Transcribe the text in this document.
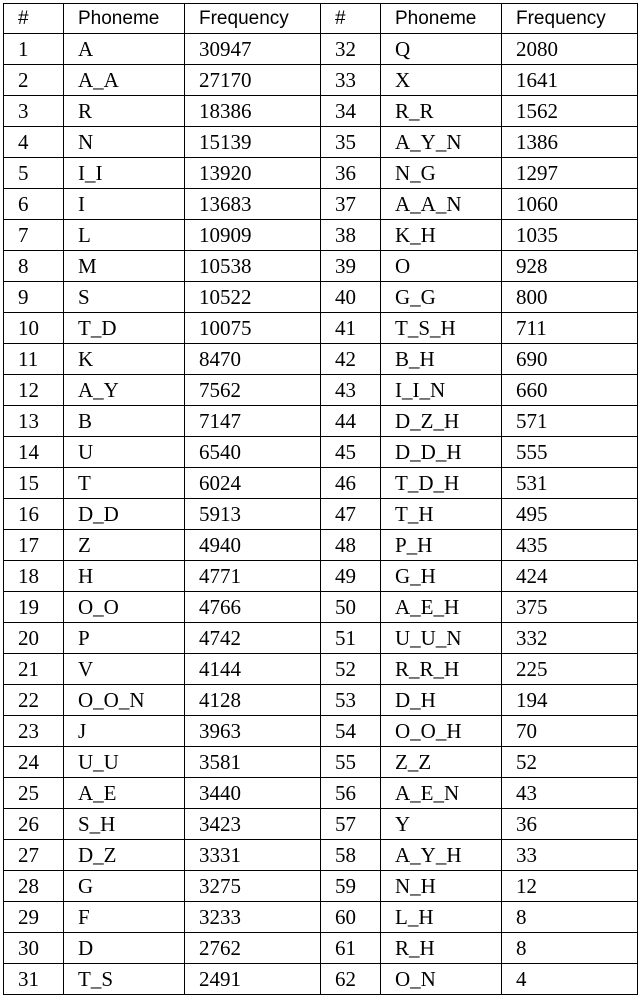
#	Phoneme	Frequency	#	Phoneme	Frequency
1	A	30947	32	Q	2080
2	A_A	27170	33	X	1641
3	R	18386	34	R_R	1562
4	N	15139	35	A_Y_N	1386
5	I_I	13920	36	N_G	1297
6	I	13683	37	A_A_N	1060
7	L	10909	38	K_H	1035
8	M	10538	39	O	928
9	S	10522	40	G_G	800
10	T_D	10075	41	T_S_H	711
11	K	8470	42	B_H	690
12	A_Y	7562	43	I_I_N	660
13	B	7147	44	D_Z_H	571
14	U	6540	45	D_D_H	555
15	T	6024	46	T_D_H	531
16	D_D	5913	47	T_H	495
17	Z	4940	48	P_H	435
18	H	4771	49	G_H	424
19	O_O	4766	50	A_E_H	375
20	P	4742	51	U_U_N	332
21	V	4144	52	R_R_H	225
22	O_O_N	4128	53	D_H	194
23	J	3963	54	O_O_H	70
24	U_U	3581	55	Z_Z	52
25	A_E	3440	56	A_E_N	43
26	S_H	3423	57	Y	36
27	D_Z	3331	58	A_Y_H	33
28	G	3275	59	N_H	12
29	F	3233	60	L_H	8
30	D	2762	61	R_H	8
31	T_S	2491	62	O_N	4
